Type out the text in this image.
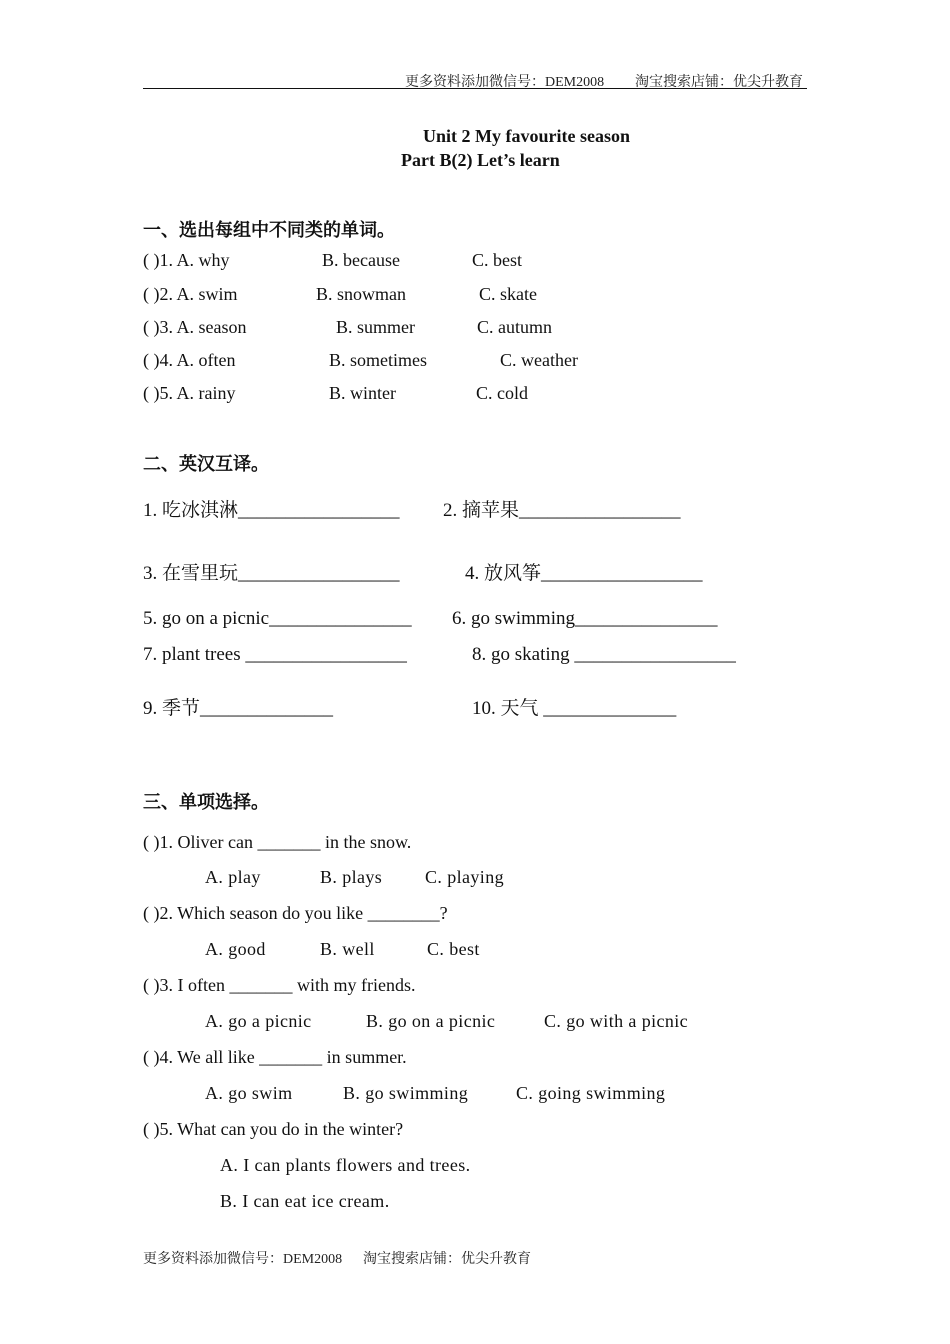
更多资料添加微信号：DEM2008 淘宝搜索店铺：优尖升教育
Unit 2 My favourite season
Part B(2) Let’s learn
一、选出每组中不同类的单词。
( )1. A. why	B. because	C. best
( )2. A. swim	B. snowman	C. skate
( )3. A. season	B. summer	C. autumn
( )4. A. often	B. sometimes	C. weather
( )5. A. rainy	B. winter	C. cold
二、英汉互译。
1. 吃冰淇淋_________________ 2. 摘苹果_________________
3. 在雪里玩_________________	4. 放风筝_________________
5. go on a picnic_______________ 6. go swimming_______________
7. plant trees _________________	8. go skating _________________
9. 季节______________	10. 天气 ______________
三、单项选择。
( )1. Oliver can _______ in the snow.
A. play	B. plays C. playing
( )2. Which season do you like ________?
A. good	B. well	C. best
( )3. I often _______ with my friends.
A. go a picnic	B. go on a picnic	C. go with a picnic
( )4. We all like _______ in summer.
A. go swim	B. go swimming	C. going swimming
( )5. What can you do in the winter?
A. I can plants flowers and trees.
B. I can eat ice cream.
更多资料添加微信号：DEM2008 淘宝搜索店铺：优尖升教育
